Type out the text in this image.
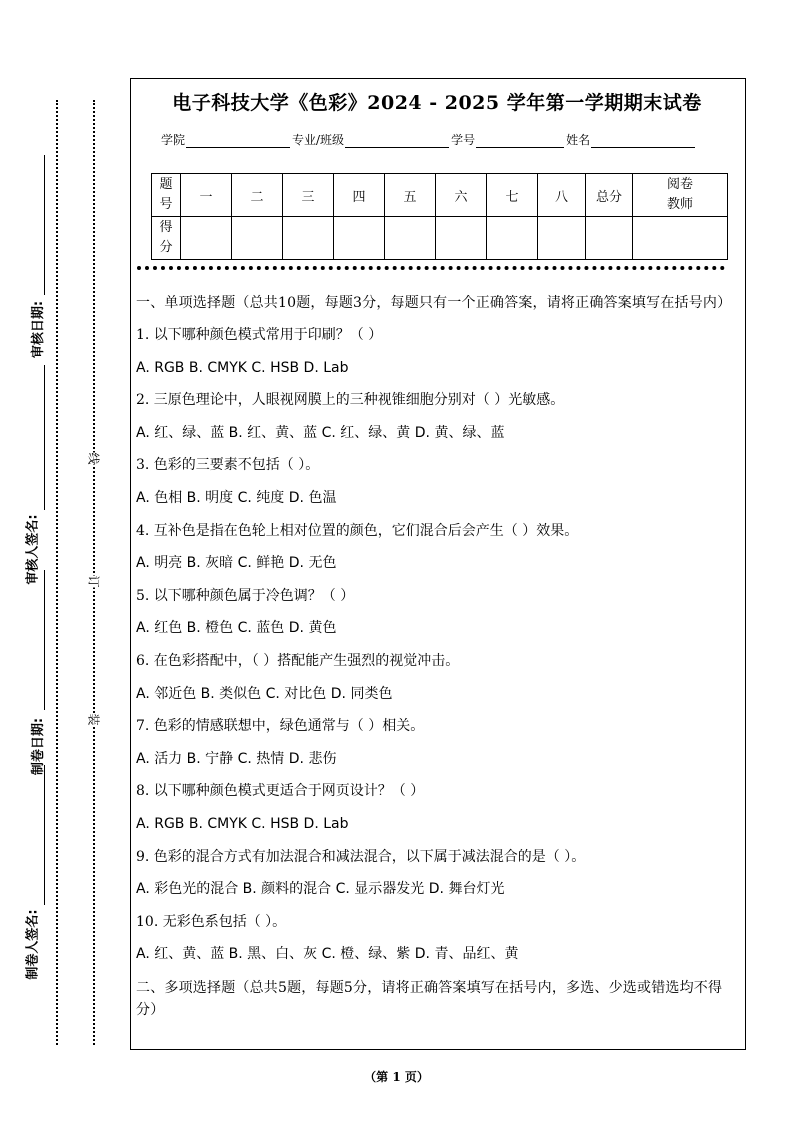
审核日期:
审核人签名:
制卷日期:
制卷人签名:
线
订
装
电子科技大学《色彩》2024 - 2025 学年第一学期期末试卷
学院	专业/班级	学号	姓名
题
号	一	二	三	四	五	六	七	八	总分	阅卷
教师

得
分										

一、单项选择题（总共10题，每题3分，每题只有一个正确答案，请将正确答案填写在括号内）

1. 以下哪种颜色模式常用于印刷？（ ）

A. RGB B. CMYK C. HSB D. Lab

2. 三原色理论中，人眼视网膜上的三种视锥细胞分别对（ ）光敏感。

A. 红、绿、蓝 B. 红、黄、蓝 C. 红、绿、黄 D. 黄、绿、蓝

3. 色彩的三要素不包括（ ）。

A. 色相 B. 明度 C. 纯度 D. 色温

4. 互补色是指在色轮上相对位置的颜色，它们混合后会产生（ ）效果。

A. 明亮 B. 灰暗 C. 鲜艳 D. 无色

5. 以下哪种颜色属于冷色调？（ ）

A. 红色 B. 橙色 C. 蓝色 D. 黄色

6. 在色彩搭配中，（ ）搭配能产生强烈的视觉冲击。

A. 邻近色 B. 类似色 C. 对比色 D. 同类色

7. 色彩的情感联想中，绿色通常与（ ）相关。

A. 活力 B. 宁静 C. 热情 D. 悲伤

8. 以下哪种颜色模式更适合于网页设计？（ ）

A. RGB B. CMYK C. HSB D. Lab

9. 色彩的混合方式有加法混合和减法混合，以下属于减法混合的是（ ）。

A. 彩色光的混合 B. 颜料的混合 C. 显示器发光 D. 舞台灯光

10. 无彩色系包括（ ）。

A. 红、黄、蓝 B. 黑、白、灰 C. 橙、绿、紫 D. 青、品红、黄

二、多项选择题（总共5题，每题5分，请将正确答案填写在括号内，多选、少选或错选均不得分）

（第 1 页）
